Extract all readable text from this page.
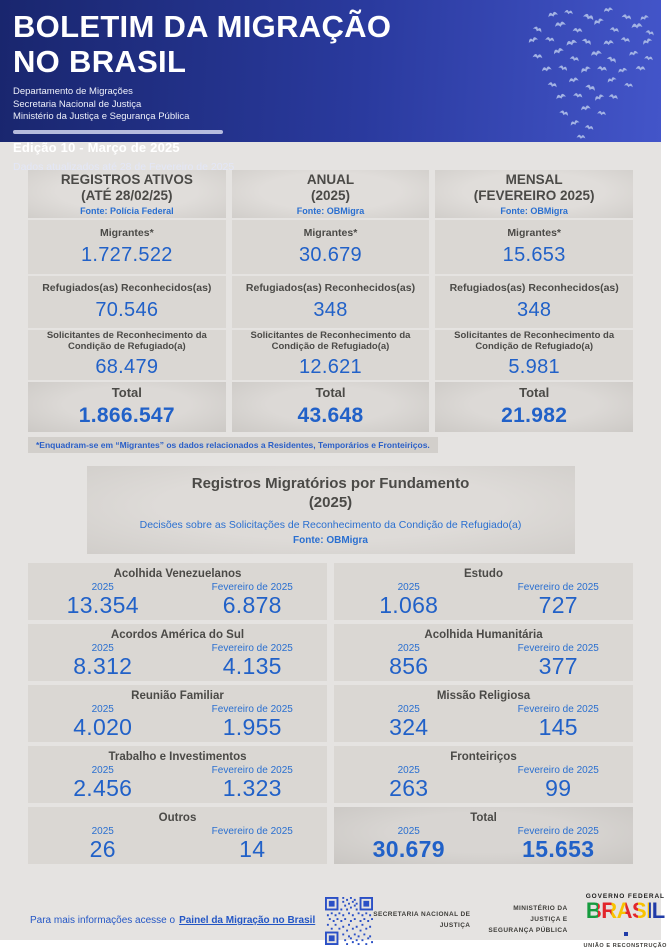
BOLETIM DA MIGRAÇÃO
NO BRASIL
Departamento de Migrações
Secretaria Nacional de Justiça
Ministério da Justiça e Segurança Pública
Edição 10 - Março de 2025
Dados atualizados até 28 de Fevereiro de 2025
REGISTROS ATIVOS
(ATÉ 28/02/25)
Fonte: Polícia Federal
ANUAL
(2025)
Fonte: OBMigra
MENSAL
(FEVEREIRO 2025)
Fonte: OBMigra
Migrantes*
1.727.522
Migrantes*
30.679
Migrantes*
15.653
Refugiados(as) Reconhecidos(as)
70.546
Refugiados(as) Reconhecidos(as)
348
Refugiados(as) Reconhecidos(as)
348
Solicitantes de Reconhecimento da Condição de Refugiado(a)
68.479
Solicitantes de Reconhecimento da Condição de Refugiado(a)
12.621
Solicitantes de Reconhecimento da Condição de Refugiado(a)
5.981
Total
1.866.547
Total
43.648
Total
21.982
*Enquadram-se em “Migrantes” os dados relacionados a Residentes, Temporários e Fronteiriços.
Registros Migratórios por Fundamento
(2025)
Decisões sobre as Solicitações de Reconhecimento da Condição de Refugiado(a)
Fonte: OBMigra
Acolhida Venezuelanos
2025
13.354
Fevereiro de 2025
6.878
Estudo
2025
1.068
Fevereiro de 2025
727
Acordos América do Sul
2025
8.312
Fevereiro de 2025
4.135
Acolhida Humanitária
2025
856
Fevereiro de 2025
377
Reunião Familiar
2025
4.020
Fevereiro de 2025
1.955
Missão Religiosa
2025
324
Fevereiro de 2025
145
Trabalho e Investimentos
2025
2.456
Fevereiro de 2025
1.323
Fronteiriços
2025
263
Fevereiro de 2025
99
Outros
2025
26
Fevereiro de 2025
14
Total
2025
30.679
Fevereiro de 2025
15.653
Para mais informações acesse o Painel da Migração no Brasil
SECRETARIA NACIONAL DE
JUSTIÇA
MINISTÉRIO DA
JUSTIÇA E
SEGURANÇA PÚBLICA
GOVERNO FEDERAL
BRASIL
UNIÃO E RECONSTRUÇÃO
